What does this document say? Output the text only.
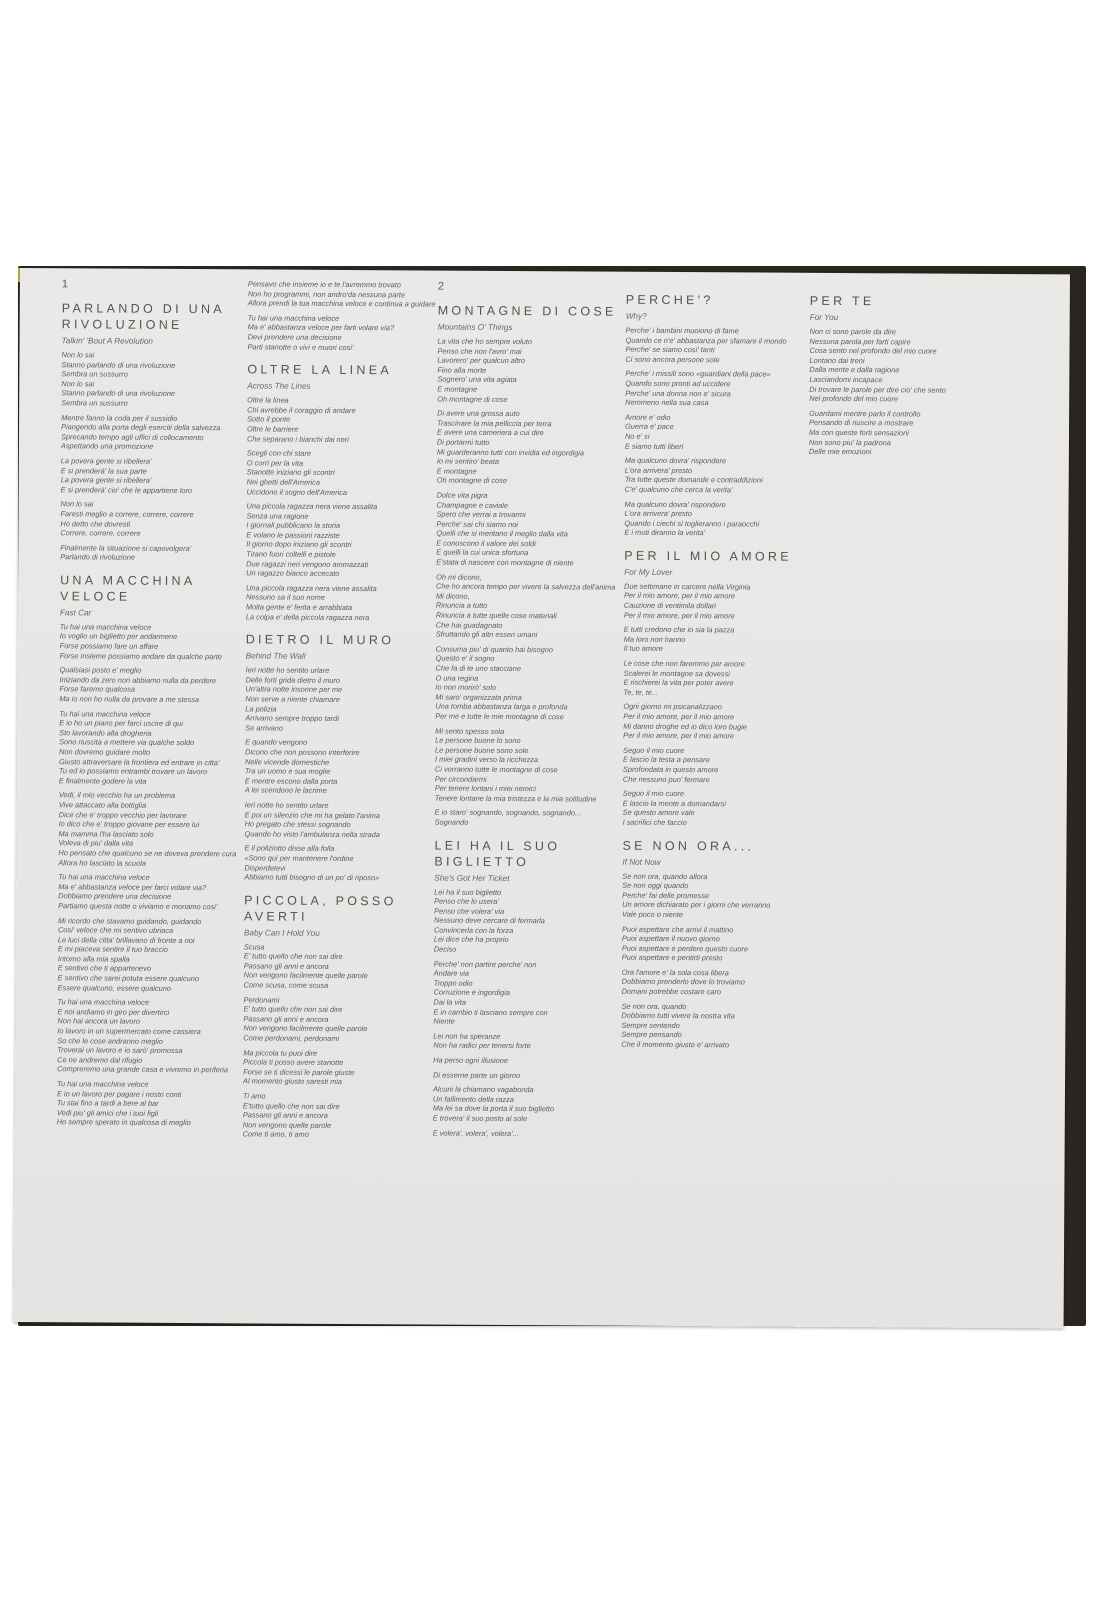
1
PARLANDO DI UNA RIVOLUZIONE
Talkin' 'Bout A Revolution
Non lo sai
Stanno parlando di una rivoluzione
Sembra un sussurro
Non lo sai
Stanno parlando di una rivoluzione
Sembra un sussurro
Mentre fanno la coda per il sussidio
Piangendo alla porta degli eserciti della salvezza
Sprecando tempo agli uffici di collocamento
Aspettando una promozione
La povera gente si ribellera'
E si prenderà' la sua parte
La povera gente si ribellera'
E si prenderà' cio' che le appartiene loro
Non lo sai
Faresti meglio a correre, correre, correre
Ho detto che dovresti
Correre, correre, correre
Finalmente la situazione si capovolgera'
Parlando di rivoluzione
UNA MACCHINA VELOCE
Fast Car
Tu hai una macchina veloce
Io voglio un biglietto per andarmene
Forse possiamo fare un affare
Forse insieme possiamo andare da qualche parte
Qualsiasi posto e' meglio
Iniziando da zero non abbiamo nulla da perdere
Forse faremo qualcosa
Ma io non ho nulla da provare a me stessa
Tu hai una macchina veloce
E io ho un piano per farci uscire di qui
Sto lavorando alla drogheria
Sono riuscita a mettere via qualche soldo
Non dovremo guidare molto
Giusto attraversare la frontiera ed entrare in citta'
Tu ed io possiamo entrambi trovare un lavoro
E finalmente godere la vita
Vedi, il mio vecchio ha un problema
Vive attaccato alla bottiglia
Dice che e' troppo vecchio per lavorare
Io dico che e' troppo giovane per essere lui
Ma mamma l'ha lasciato solo
Voleva di piu' dalla vita
Ho pensato che qualcuno se ne doveva prendere cura
Allora ho lasciato la scuola
Tu hai una macchina veloce
Ma e' abbastanza veloce per farci volare via?
Dobbiamo prendere una decisione
Partiamo questa notte o viviamo e moriamo cosi'
Mi ricordo che stavamo guidando, guidando
Cosi' veloce che mi sentivo ubriaca
Le luci della citta' brillavano di fronte a noi
E mi piaceva sentire il tuo braccio
Intorno alla mia spalla
E sentivo che ti appartenevo
E sentivo che sarei potuta essere qualcuno
Essere qualcuno, essere qualcuno
Tu hai una macchina veloce
E noi andiamo in giro per divertirci
Non hai ancora un lavoro
Io lavoro in un supermercato come cassiera
So che le cose andranno meglio
Troverai un lavoro e io sarò' promossa
Ce ne andremo dal rifugio
Compreremo una grande casa e vivremo in periferia
Tu hai una macchina veloce
E io un lavoro per pagare i nostri conti
Tu stai fino a tardi a bere al bar
Vedi piu' gli amici che i tuoi figli
Ho sempre sperato in qualcosa di meglio
Pensavo che insieme io e te l'avremmo trovato
Non ho programmi, non andro'da nessuna parte
Allora prendi la tua macchina veloce e continua a guidare
Tu hai una macchina veloce
Ma e' abbastanza veloce per farti volare via?
Devi prendere una decisione
Parti stanotte o vivi e muori cosi'
OLTRE LA LINEA
Across The Lines
Oltre la linea
Chi avrebbe il coraggio di andare
Sotto il ponte
Oltre le barriere
Che separano i bianchi dai neri
Scegli con chi stare
O corri per la vita
Stanotte iniziano gli scontri
Nei ghetti dell'America
Uccidono il sogno dell'America
Una piccola ragazza nera viene assalita
Senza una ragione
I giornali pubblicano la storia
E volano le passioni razziste
Il giorno dopo iniziano gli scontri
Tirano fuori coltelli e pistole
Due ragazzi neri vengono ammazzati
Un ragazzo bianco accecato
Una piccola ragazza nera viene assalita
Nessuno sa il suo nome
Molta gente e' ferita e arrabbiata
La colpa e' della piccola ragazza nera
DIETRO IL MURO
Behind The Wall
Ieri notte ho sentito urlare
Delle forti grida dietro il muro
Un'altra notte insonne per me
Non serve a niente chiamare
La polizia
Arrivano sempre troppo tardi
Se arrivano
E quando vengono
Dicono che non possono interferire
Nelle vicende domestiche
Tra un uomo e sua moglie
E mentre escono dalla porta
A lei scendono le lacrime
Ieri notte ho sentito urlare
E poi un silenzio che mi ha gelato l'anima
Ho pregato che stessi sognando
Quando ho visto l'ambulanza nella strada
E il poliziotto disse alla folla
«Sono qui per mantenere l'ordine
Disperdetevi
Abbiamo tutti bisogno di un po' di riposo»
PICCOLA, POSSO AVERTI
Baby Can I Hold You
Scusa
E' tutto quello che non sai dire
Passano gli anni e ancora
Non vengono facilmente quelle parole
Come scusa, come scusa
Perdonami
E' tutto quello che non sai dire
Passano gli anni e ancora
Non vengono facilmente quelle parole
Come perdonami, perdonami
Ma piccola tu puoi dire
Piccola ti posso avere stanotte
Forse se ti dicessi le parole giuste
Al momento giusto saresti mia
Ti amo
E'tutto quello che non sai dire
Passano gli anni e ancora
Non vengono quelle parole
Come ti amo, ti amo
2
MONTAGNE DI COSE
Mountains O' Things
La vita che ho sempre voluto
Penso che non l'avro' mai
Lavorero' per qualcun altro
Fino alla morte
Sognero' una vita agiata
E montagne
Oh montagne di cose
Di avere una grossa auto
Trascinare la mia pelliccia per terra
E avere una cameriera a cui dire
Di portarmi tutto
Mi guarderanno tutti con invidia ed ingordigia
Io mi sentiro' beata
E montagne
Oh montagne di cose
Dolce vita pigra
Champagne e caviale
Spero che verrai a trovarmi
Perche' sai chi siamo noi
Quelli che si meritano il meglio dalla vita
E conoscono il valore dei soldi
E quelli la cui unica sfortuna
E'stata di nascere con montagne di niente
Oh mi dicono,
Che ho ancora tempo per vivere la salvezza dell'anima
Mi dicono,
Rinuncia a tutto
Rinuncia a tutte quelle cose materiali
Che hai guadagnato
Sfruttando gli altri esseri umani
Consuma piu' di quanto hai bisogno
Questo e' il sogno
Che fa di te uno stacciane
O una regina
Io non morirò' solo
Mi saro' organizzata prima
Una tomba abbastanza larga e profonda
Per me e tutte le mie montagne di cose
Mi sento spesso sola
Le persone buone lo sono
Le persone buone sono sole
I miei gradini verso la ricchezza
Ci vorranno tutte le montagne di cose
Per circondarmi
Per tenere lontani i miei nemici
Tenere lontane la mia tristezza e la mia solitudine
E io staro' sognando, sognando, sognando...
Sognando
LEI HA IL SUO BIGLIETTO
She's Got Her Ticket
Lei ha il suo biglietto
Penso che lo usera'
Penso che volera' via
Nessuno deve cercare di fermarla
Convincerla con la forza
Lei dice che ha proprio
Deciso
Perche' non partire perche' non
Andare via
Troppo odio
Corruzione e ingordigia
Dai la vita
E in cambio ti lasciano sempre con
Niente
Lei non ha speranze
Non ha radici per tenersi forte
Ha perso ogni illusione
Di esserne parte un giorno
Alcuni la chiamano vagabonda
Un fallimento della razza
Ma lei sa dove la porta il suo biglietto
E trovera' il suo posto al sole
E volera', volera', volera'...
PERCHE'?
Why?
Perche' i bambini muoiono di fame
Quando ce n'e' abbastanza per sfamare il mondo
Perche' se siamo cosi' tanti
Ci sono ancora persone sole
Perche' i missili sono «guardiani della pace»
Quando sono pronti ad uccidere
Perche' una donna non e' sicura
Nemmeno nella sua casa
Amore e' odio
Guerra e' pace
No e' si
E siamo tutti liberi
Ma qualcuno dovra' rispondere
L'ora arrivera' presto
Tra tutte queste domande e contraddizioni
C'e' qualcuno che cerca la verita'
Ma qualcuno dovra' rispondere
L'ora arrivera' presto
Quando i ciechi si toglieranno i paraocchi
E i muti diranno la verita'
PER IL MIO AMORE
For My Lover
Due settimane in carcere nella Virginia
Per il mio amore, per il mio amore
Cauzione di ventimila dollari
Per il mio amore, per il mio amore
E tutti credono che io sia la pazza
Ma loro non hanno
Il tuo amore
Le cose che non faremmo per amore
Scalerei le montagne sa dovessi
E rischierei la vita per poter avere
Te, te, te...
Ogni giorno mi psicanalizzano
Per il mio amore, per il mio amore
Mi danno droghe ed io dico loro bugie
Per il mio amore, per il mio amore
Seguo il mio cuore
E lascio la testa a pensare
Sprofondata in questo amore
Che nessuno puo' fermare
Seguo il mio cuore
E lascio la mente a domandarsi
Se questo amore vale
I sacrifici che faccio
SE NON ORA...
If Not Now
Se non ora, quando allora
Se non oggi quando
Perche' fai delle promesse
Un amore dichiarato per i giorni che verranno
Vale poco o niente
Puoi aspettare che arrivi il mattino
Puoi aspettare il nuovo giorno
Puoi aspettare e perdere questo cuore
Puoi aspettare e pentirti presto
Ora l'amore e' la sola cosa libera
Dobbiamo prenderlo dove lo troviamo
Domani potrebbe costare caro
Se non ora, quando
Dobbiamo tutti vivere la nostra vita
Sempre sentendo
Sempre pensando
Che il momento giusto e' arrivato
PER TE
For You
Non ci sono parole da dire
Nessuna parola per farti capire
Cosa sento nel profondo del mio cuore
Lontano dai treni
Dalla mente e dalla ragione
Lasciandomi incapace
Di trovare le parole per dire cio' che sento
Nel profondo del mio cuore
Guardami mentre parlo il controllo
Pensando di riuscire a mostrare
Ma con queste forti sensazioni
Non sono piu' la padrona
Delle mie emozioni
